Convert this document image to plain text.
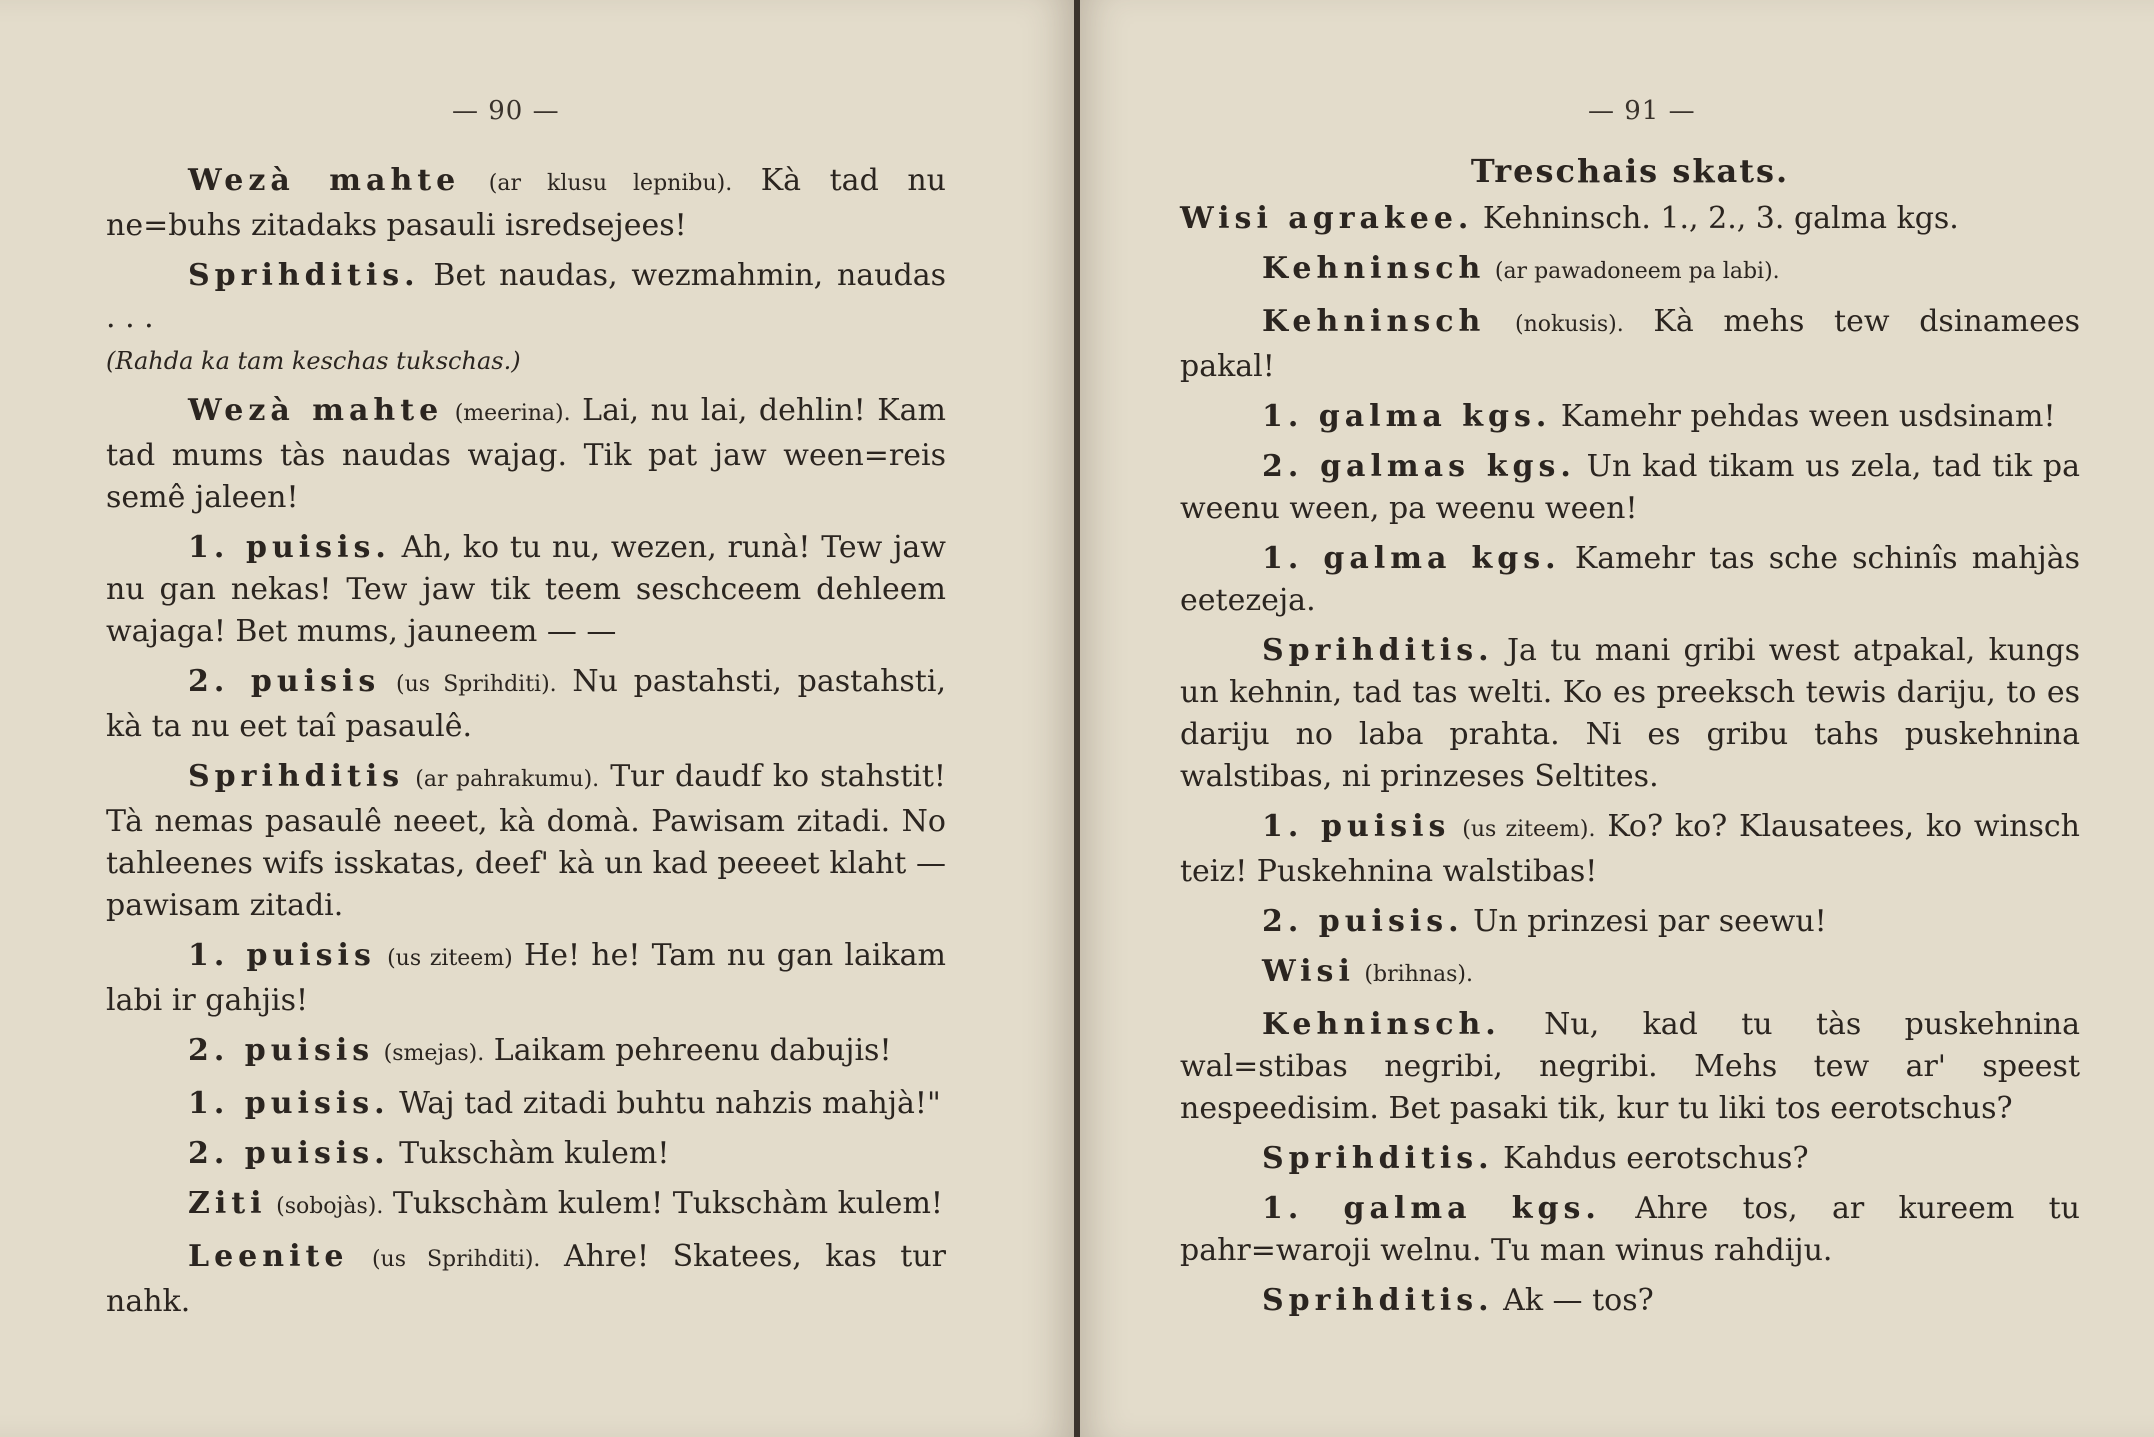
— 90 —
Wezà mahte (ar klusu lepnibu). Kà tad nu ne=buhs zitadaks pasauli isredsejees!
Sprihditis. Bet naudas, wezmahmin, naudas . . .
(Rahda ka tam keschas tukschas.)
Wezà mahte (meerina). Lai, nu lai, dehlin! Kam tad mums tàs naudas wajag. Tik pat jaw ween=reis semê jaleen!
1. puisis. Ah, ko tu nu, wezen, runà! Tew jaw nu gan nekas! Tew jaw tik teem seschceem dehleem wajaga! Bet mums, jauneem — —
2. puisis (us Sprihditi). Nu pastahsti, pastahsti, kà ta nu eet taî pasaulê.
Sprihditis (ar pahrakumu). Tur daudf ko stahstit! Tà nemas pasaulê neeet, kà domà. Pawisam zitadi. No tahleenes wifs isskatas, deef' kà un kad peeeet klaht — pawisam zitadi.
1. puisis (us ziteem) He! he! Tam nu gan laikam labi ir gahjis!
2. puisis (smejas). Laikam pehreenu dabujis!
1. puisis. Waj tad zitadi buhtu nahzis mahjà!"
2. puisis. Tukschàm kulem!
Ziti (sobojàs). Tukschàm kulem! Tukschàm kulem!
Leenite (us Sprihditi). Ahre! Skatees, kas tur nahk.
— 91 —
Treschais skats.
Wisi agrakee. Kehninsch. 1., 2., 3. galma kgs.
Kehninsch (ar pawadoneem pa labi).
Kehninsch (nokusis). Kà mehs tew dsinamees pakal!
1. galma kgs. Kamehr pehdas ween usdsinam!
2. galmas kgs. Un kad tikam us zela, tad tik pa weenu ween, pa weenu ween!
1. galma kgs. Kamehr tas sche schinîs mahjàs eetezeja.
Sprihditis. Ja tu mani gribi west atpakal, kungs un kehnin, tad tas welti. Ko es preeksch tewis dariju, to es dariju no laba prahta. Ni es gribu tahs puskehnina walstibas, ni prinzeses Seltites.
1. puisis (us ziteem). Ko? ko? Klausatees, ko winsch teiz! Puskehnina walstibas!
2. puisis. Un prinzesi par seewu!
Wisi (brihnas).
Kehninsch. Nu, kad tu tàs puskehnina wal=stibas negribi, negribi. Mehs tew ar' speest nespeedisim. Bet pasaki tik, kur tu liki tos eerotschus?
Sprihditis. Kahdus eerotschus?
1. galma kgs. Ahre tos, ar kureem tu pahr=waroji welnu. Tu man winus rahdiju.
Sprihditis. Ak — tos?
